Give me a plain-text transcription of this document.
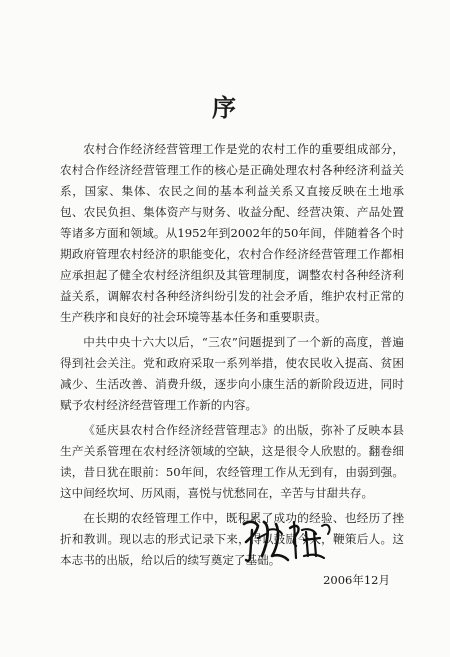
序

农村合作经济经营管理工作是党的农村工作的重要组成部分，农村合作经济经营管理工作的核心是正确处理农村各种经济利益关系，国家、集体、农民之间的基本利益关系又直接反映在土地承包、农民负担、集体资产与财务、收益分配、经营决策、产品处置等诸多方面和领域。从1952年到2002年的50年间，伴随着各个时期政府管理农村经济的职能变化，农村合作经济经营管理工作都相应承担起了健全农村经济组织及其管理制度，调整农村各种经济利益关系，调解农村各种经济纠纷引发的社会矛盾，维护农村正常的生产秩序和良好的社会环境等基本任务和重要职责。

中共中央十六大以后，“三农”问题提到了一个新的高度，普遍得到社会关注。党和政府采取一系列举措，使农民收入提高、贫困减少、生活改善、消费升级，逐步向小康生活的新阶段迈进，同时赋予农村经济经营管理工作新的内容。

《延庆县农村合作经济经营管理志》的出版，弥补了反映本县生产关系管理在农村经济领域的空缺，这是很令人欣慰的。翻卷细读，昔日犹在眼前：50年间，农经管理工作从无到有，由弱到强。这中间经坎坷、历风雨，喜悦与忧愁同在，辛苦与甘甜共存。

在长期的农经管理工作中，既积累了成功的经验、也经历了挫折和教训。现以志的形式记录下来，得以鼓励今人，鞭策后人。这本志书的出版，给以后的续写奠定了基础。

2006年12月
